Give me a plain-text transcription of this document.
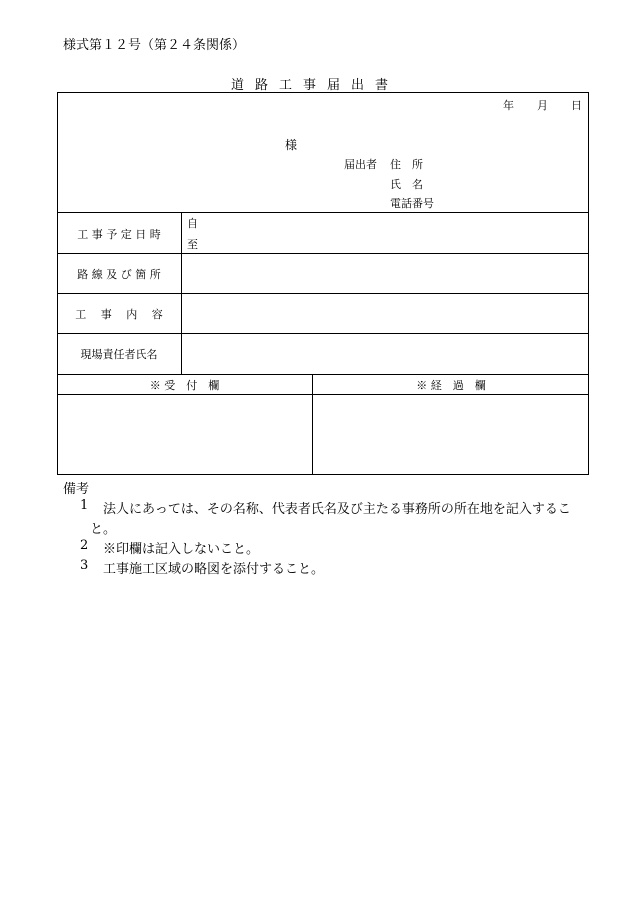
様式第１２号（第２４条関係）
道路工事届出書
年 月 日
様
届出者 住　所
氏　名
電話番号
工 事 予 定 日 時
自
至
路 線 及 び 箇 所
工　 事　 内　 容
現場責任者氏名
※ 受　付　欄	※ 経　過　欄
備考
1 法人にあっては、その名称、代表者氏名及び主たる事務所の所在地を記入するこ
と。
2 ※印欄は記入しないこと。
3 工事施工区域の略図を添付すること。
